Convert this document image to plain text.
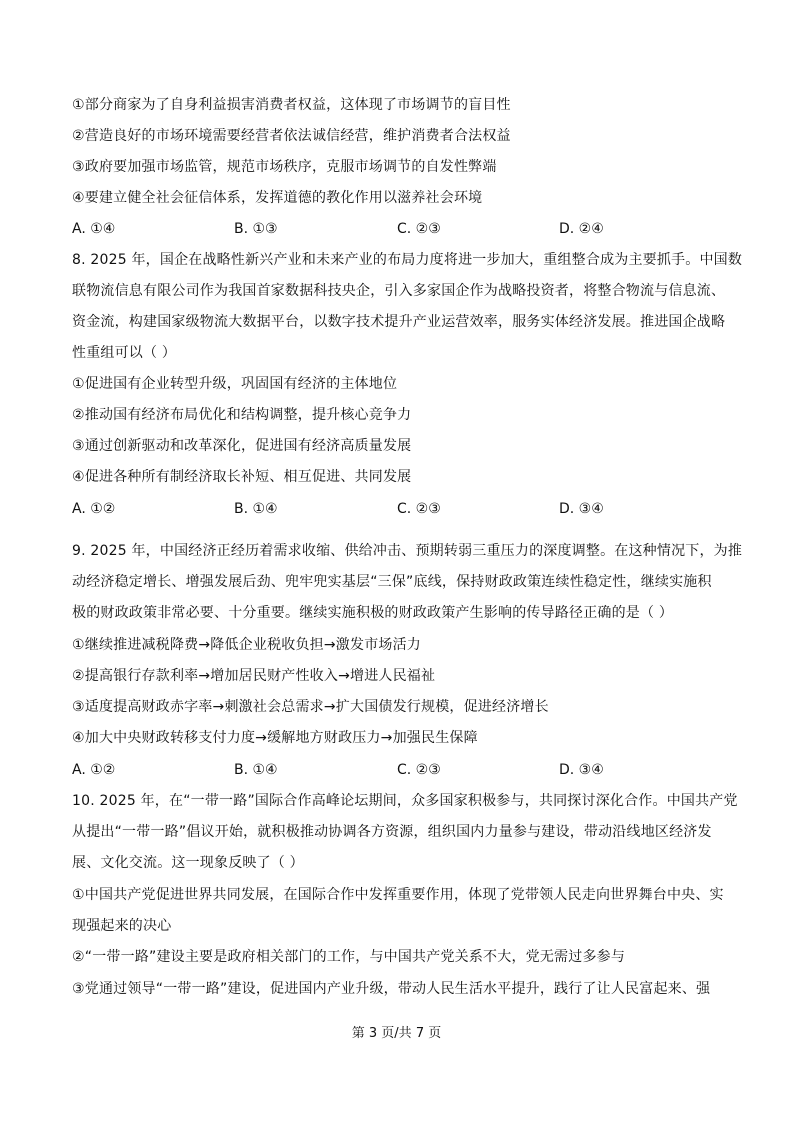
①部分商家为了自身利益损害消费者权益，这体现了市场调节的盲目性
②营造良好的市场环境需要经营者依法诚信经营，维护消费者合法权益
③政府要加强市场监管，规范市场秩序，克服市场调节的自发性弊端
④要建立健全社会征信体系，发挥道德的教化作用以滋养社会环境
A. ①④	B. ①③	C. ②③	D. ②④
8. 2025 年，国企在战略性新兴产业和未来产业的布局力度将进一步加大，重组整合成为主要抓手。中国数
联物流信息有限公司作为我国首家数据科技央企，引入多家国企作为战略投资者，将整合物流与信息流、
资金流，构建国家级物流大数据平台，以数字技术提升产业运营效率，服务实体经济发展。推进国企战略
性重组可以（ ）
①促进国有企业转型升级，巩固国有经济的主体地位
②推动国有经济布局优化和结构调整，提升核心竞争力
③通过创新驱动和改革深化，促进国有经济高质量发展
④促进各种所有制经济取长补短、相互促进、共同发展
A. ①②	B. ①④	C. ②③	D. ③④
9. 2025 年，中国经济正经历着需求收缩、供给冲击、预期转弱三重压力的深度调整。在这种情况下，为推
动经济稳定增长、增强发展后劲、兜牢兜实基层“三保”底线，保持财政政策连续性稳定性，继续实施积
极的财政政策非常必要、十分重要。继续实施积极的财政政策产生影响的传导路径正确的是（ ）
①继续推进减税降费→降低企业税收负担→激发市场活力
②提高银行存款利率→增加居民财产性收入→增进人民福祉
③适度提高财政赤字率→刺激社会总需求→扩大国债发行规模，促进经济增长
④加大中央财政转移支付力度→缓解地方财政压力→加强民生保障
A. ①②	B. ①④	C. ②③	D. ③④
10. 2025 年，在“一带一路”国际合作高峰论坛期间，众多国家积极参与，共同探讨深化合作。中国共产党
从提出“一带一路”倡议开始，就积极推动协调各方资源，组织国内力量参与建设，带动沿线地区经济发
展、文化交流。这一现象反映了（ ）
①中国共产党促进世界共同发展，在国际合作中发挥重要作用，体现了党带领人民走向世界舞台中央、实
现强起来的决心
②“一带一路”建设主要是政府相关部门的工作，与中国共产党关系不大，党无需过多参与
③党通过领导“一带一路”建设，促进国内产业升级，带动人民生活水平提升，践行了让人民富起来、强
第 3 页/共 7 页
